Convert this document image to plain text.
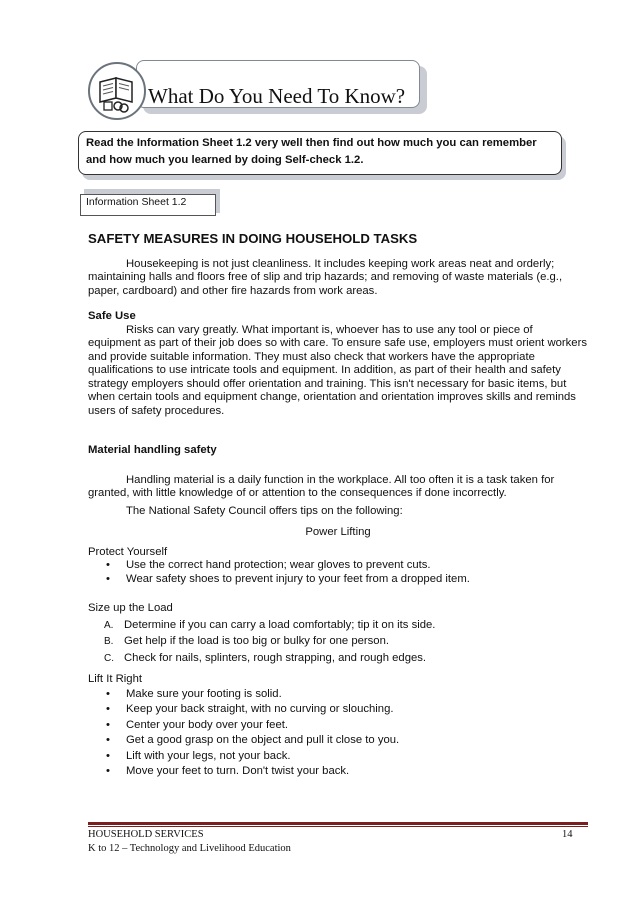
What Do You Need To Know?
Read the Information Sheet 1.2 very well then find out how much you can remember and how much you learned by doing Self-check 1.2.
Information Sheet 1.2

SAFETY MEASURES IN DOING HOUSEHOLD TASKS

Housekeeping is not just cleanliness. It includes keeping work areas neat and orderly; maintaining halls and floors free of slip and trip hazards; and removing of waste materials (e.g., paper, cardboard) and other fire hazards from work areas.

Safe Use

Risks can vary greatly. What important is, whoever has to use any tool or piece of equipment as part of their job does so with care. To ensure safe use, employers must orient workers and provide suitable information. They must also check that workers have the appropriate qualifications to use intricate tools and equipment. In addition, as part of their health and safety strategy employers should offer orientation and training. This isn't necessary for basic items, but when certain tools and equipment change, orientation and orientation improves skills and reminds users of safety procedures.

Material handling safety

Handling material is a daily function in the workplace. All too often it is a task taken for granted, with little knowledge of or attention to the consequences if done incorrectly.

The National Safety Council offers tips on the following:

Power Lifting

Protect Yourself

• Use the correct hand protection; wear gloves to prevent cuts.
• Wear safety shoes to prevent injury to your feet from a dropped item.

Size up the Load

A. Determine if you can carry a load comfortably; tip it on its side.
B. Get help if the load is too big or bulky for one person.
C. Check for nails, splinters, rough strapping, and rough edges.

Lift It Right

• Make sure your footing is solid.
• Keep your back straight, with no curving or slouching.
• Center your body over your feet.
• Get a good grasp on the object and pull it close to you.
• Lift with your legs, not your back.
• Move your feet to turn. Don't twist your back.
HOUSEHOLD SERVICES
K to 12 – Technology and Livelihood Education
14
